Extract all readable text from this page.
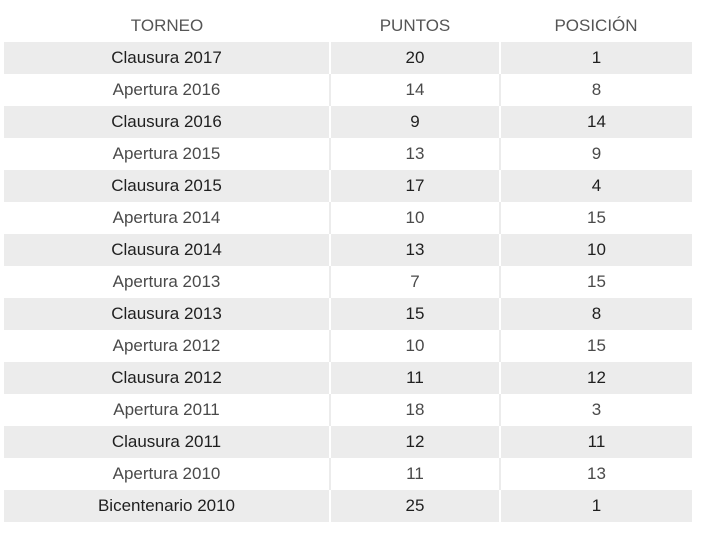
TORNEO	PUNTOS	POSICIÓN
Clausura 2017	20	1
Apertura 2016	14	8
Clausura 2016	9	14
Apertura 2015	13	9
Clausura 2015	17	4
Apertura 2014	10	15
Clausura 2014	13	10
Apertura 2013	7	15
Clausura 2013	15	8
Apertura 2012	10	15
Clausura 2012	11	12
Apertura 2011	18	3
Clausura 2011	12	11
Apertura 2010	11	13
Bicentenario 2010	25	1
